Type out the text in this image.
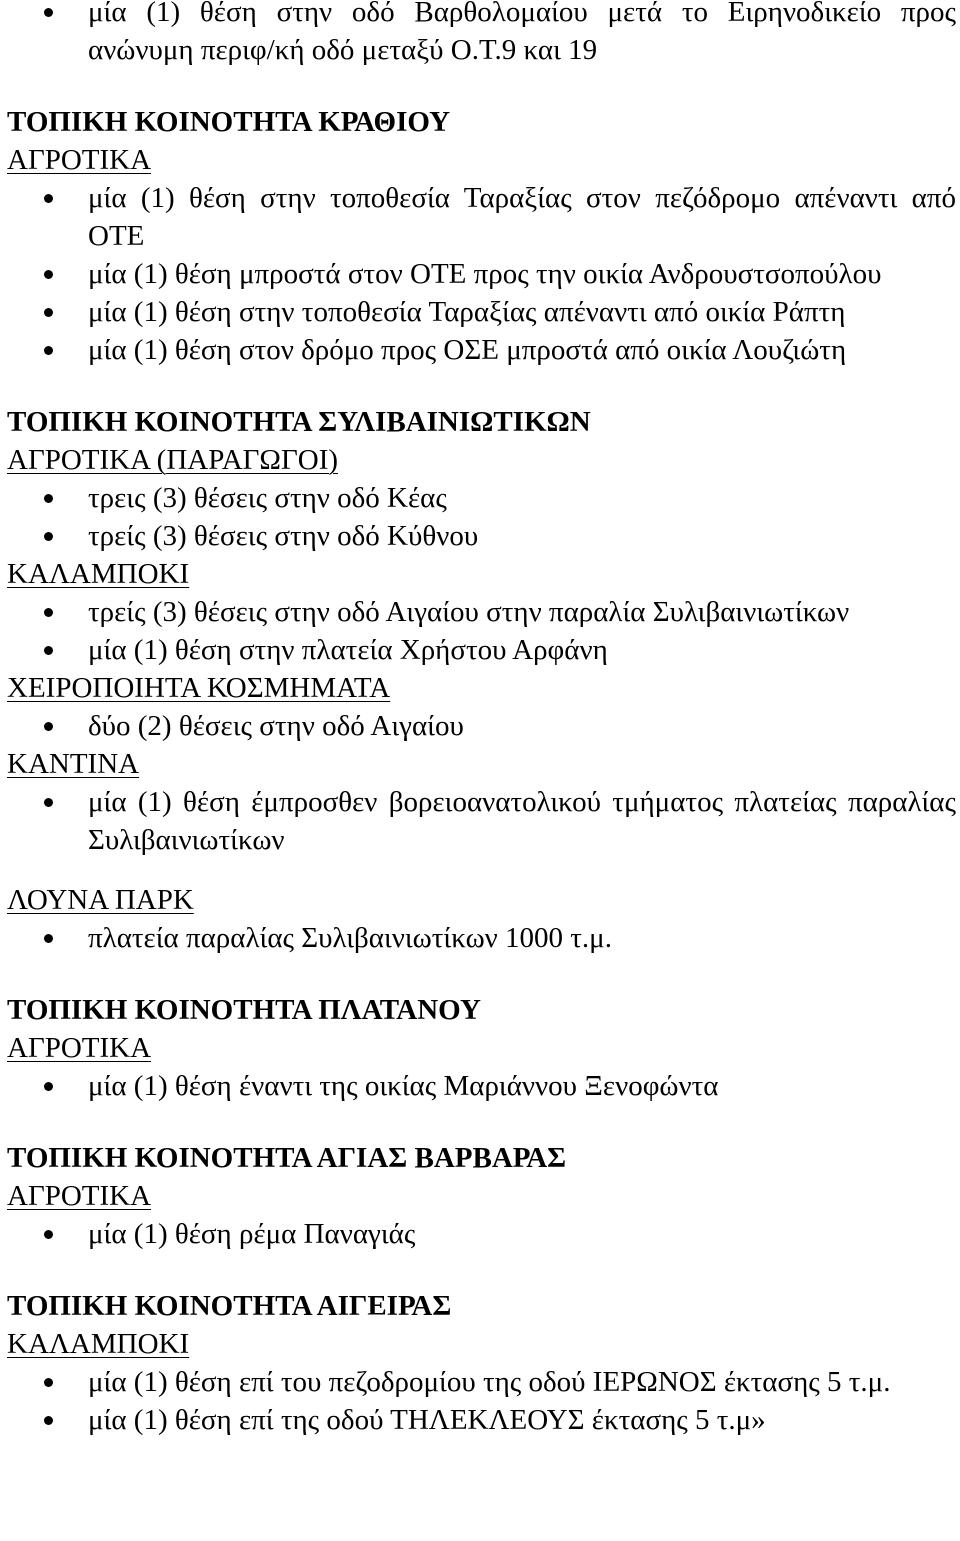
μία (1) θέση στην οδό Βαρθολομαίου μετά το Ειρηνοδικείο προς ανώνυμη περιφ/κή οδό μεταξύ Ο.Τ.9 και 19
ΤΟΠΙΚΗ ΚΟΙΝΟΤΗΤΑ ΚΡΑΘΙΟΥ
ΑΓΡΟΤΙΚΑ
μία (1) θέση στην τοποθεσία Ταραξίας στον πεζόδρομο απέναντι από ΟΤΕ
μία (1) θέση μπροστά στον ΟΤΕ προς την οικία Ανδρουστσοπούλου
μία (1) θέση στην τοποθεσία Ταραξίας απέναντι από οικία Ράπτη
μία (1) θέση στον δρόμο προς ΟΣΕ μπροστά από οικία Λουζιώτη
ΤΟΠΙΚΗ ΚΟΙΝΟΤΗΤΑ ΣΥΛΙΒΑΙΝΙΩΤΙΚΩΝ
ΑΓΡΟΤΙΚΑ (ΠΑΡΑΓΩΓΟΙ)
τρεις (3) θέσεις στην οδό Κέας
τρείς (3) θέσεις στην οδό Κύθνου
ΚΑΛΑΜΠΟΚΙ
τρείς (3) θέσεις στην οδό Αιγαίου στην παραλία Συλιβαινιωτίκων
μία (1) θέση στην πλατεία Χρήστου Αρφάνη
ΧΕΙΡΟΠΟΙΗΤΑ ΚΟΣΜΗΜΑΤΑ
δύο (2) θέσεις στην οδό Αιγαίου
ΚΑΝΤΙΝΑ
μία (1) θέση έμπροσθεν βορειοανατολικού τμήματος πλατείας παραλίας Συλιβαινιωτίκων
ΛΟΥΝΑ ΠΑΡΚ
πλατεία παραλίας Συλιβαινιωτίκων 1000 τ.μ.
ΤΟΠΙΚΗ ΚΟΙΝΟΤΗΤΑ ΠΛΑΤΑΝΟΥ
ΑΓΡΟΤΙΚΑ
μία (1) θέση έναντι της οικίας Μαριάννου Ξενοφώντα
ΤΟΠΙΚΗ ΚΟΙΝΟΤΗΤΑ ΑΓΙΑΣ ΒΑΡΒΑΡΑΣ
ΑΓΡΟΤΙΚΑ
μία (1) θέση ρέμα Παναγιάς
ΤΟΠΙΚΗ ΚΟΙΝΟΤΗΤΑ ΑΙΓΕΙΡΑΣ
ΚΑΛΑΜΠΟΚΙ
μία (1) θέση επί του πεζοδρομίου της οδού ΙΕΡΩΝΟΣ έκτασης 5 τ.μ.
μία (1) θέση επί της οδού ΤΗΛΕΚΛΕΟΥΣ έκτασης 5 τ.μ»
